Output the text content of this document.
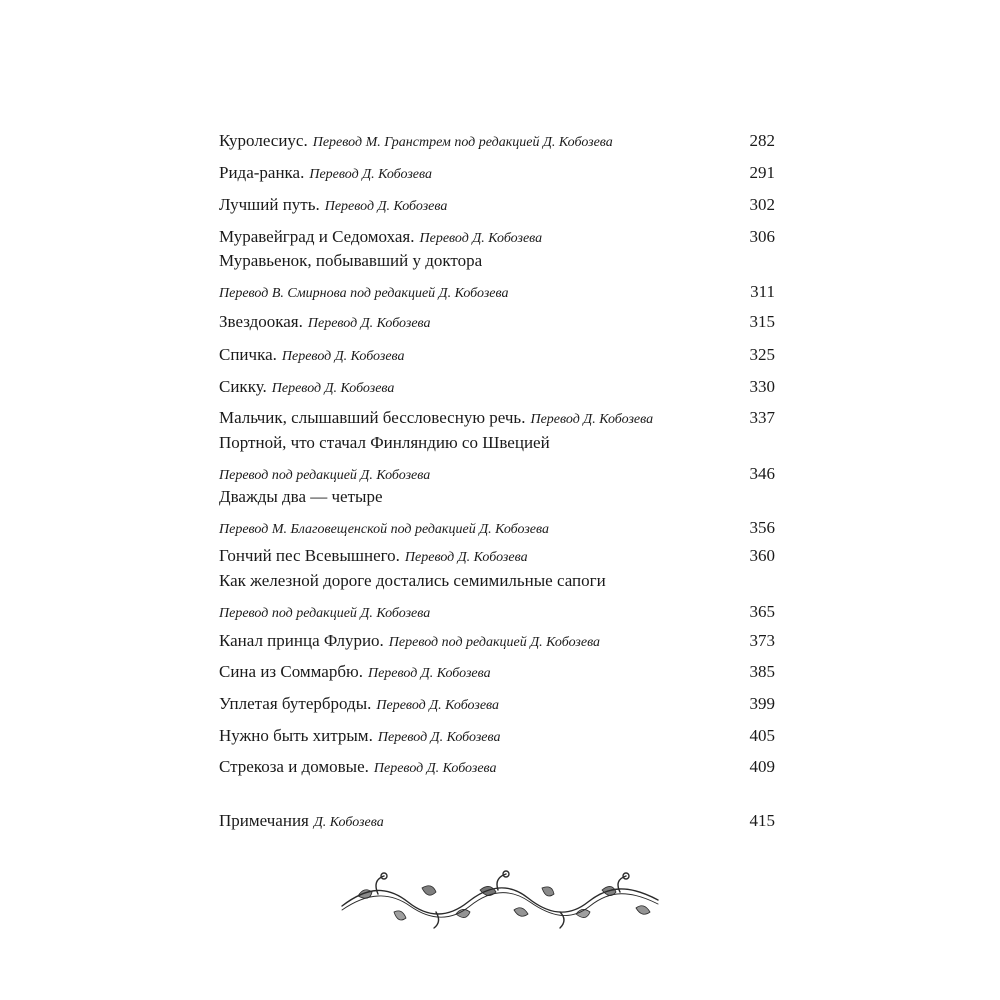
Куролесиус. Перевод М. Гранстрем под редакцией Д. Кобозева	282
Рида-ранка. Перевод Д. Кобозева	291
Лучший путь. Перевод Д. Кобозева	302
Муравейград и Седомохая. Перевод Д. Кобозева	306
Муравьенок, побывавший у доктора
Перевод В. Смирнова под редакцией Д. Кобозева	311
Звездоокая. Перевод Д. Кобозева	315
Спичка. Перевод Д. Кобозева	325
Сикку. Перевод Д. Кобозева	330
Мальчик, слышавший бессловесную речь. Перевод Д. Кобозева	337
Портной, что стачал Финляндию со Швецией
Перевод под редакцией Д. Кобозева	346
Дважды два — четыре
Перевод М. Благовещенской под редакцией Д. Кобозева	356
Гончий пес Всевышнего. Перевод Д. Кобозева	360
Как железной дороге достались семимильные сапоги
Перевод под редакцией Д. Кобозева	365
Канал принца Флурио. Перевод под редакцией Д. Кобозева	373
Сина из Соммарбю. Перевод Д. Кобозева	385
Уплетая бутерброды. Перевод Д. Кобозева	399
Нужно быть хитрым. Перевод Д. Кобозева	405
Стрекоза и домовые. Перевод Д. Кобозева	409
Примечания Д. Кобозева	415
